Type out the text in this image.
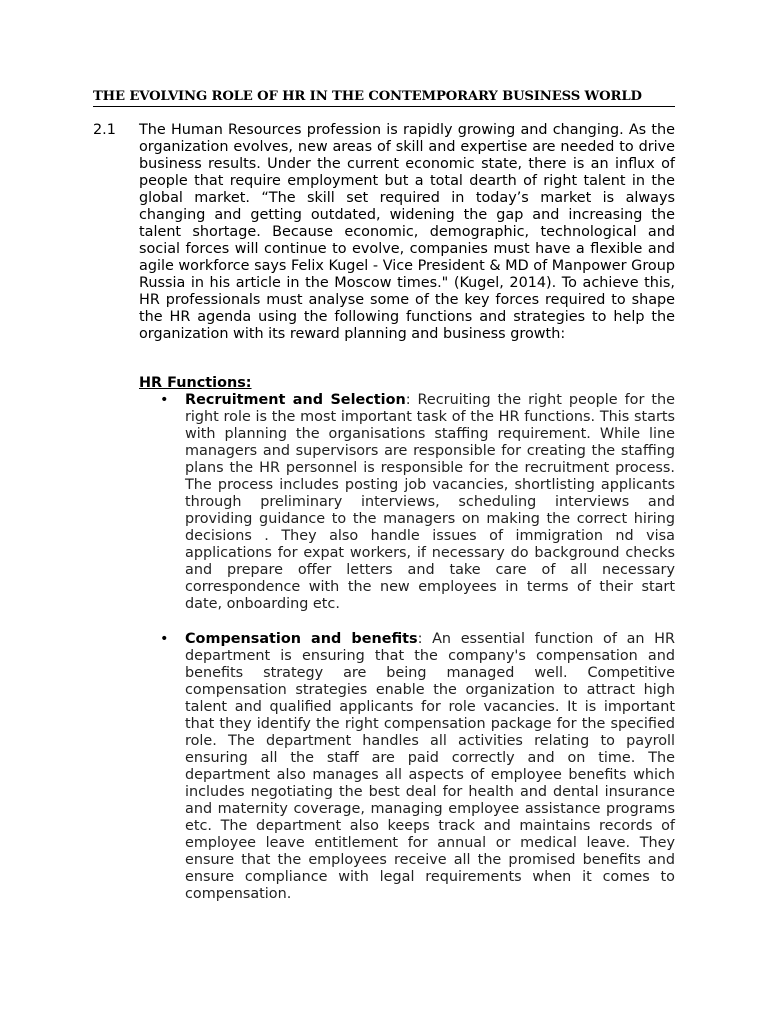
THE EVOLVING ROLE OF HR IN THE CONTEMPORARY BUSINESS WORLD
2.1 The Human Resources profession is rapidly growing and changing. As the organization evolves, new areas of skill and expertise are needed to drive business results. Under the current economic state, there is an influx of people that require employment but a total dearth of right talent in the global market. “The skill set required in today’s market is always changing and getting outdated, widening the gap and increasing the talent shortage. Because economic, demographic, technological and social forces will continue to evolve, companies must have a flexible and agile workforce says Felix Kugel - Vice President & MD of Manpower Group Russia in his article in the Moscow times." (Kugel, 2014). To achieve this, HR professionals must analyse some of the key forces required to shape the HR agenda using the following functions and strategies to help the organization with its reward planning and business growth:

HR Functions:
• Recruitment and Selection: Recruiting the right people for the right role is the most important task of the HR functions. This starts with planning the organisations staffing requirement. While line managers and supervisors are responsible for creating the staffing plans the HR personnel is responsible for the recruitment process. The process includes posting job vacancies, shortlisting applicants through preliminary interviews, scheduling interviews and providing guidance to the managers on making the correct hiring decisions . They also handle issues of immigration nd visa applications for expat workers, if necessary do background checks and prepare offer letters and take care of all necessary correspondence with the new employees in terms of their start date, onboarding etc.
• Compensation and benefits: An essential function of an HR department is ensuring that the company's compensation and benefits strategy are being managed well. Competitive compensation strategies enable the organization to attract high talent and qualified applicants for role vacancies. It is important that they identify the right compensation package for the specified role. The department handles all activities relating to payroll ensuring all the staff are paid correctly and on time. The department also manages all aspects of employee benefits which includes negotiating the best deal for health and dental insurance and maternity coverage, managing employee assistance programs etc. The department also keeps track and maintains records of employee leave entitlement for annual or medical leave. They ensure that the employees receive all the promised benefits and ensure compliance with legal requirements when it comes to compensation.
